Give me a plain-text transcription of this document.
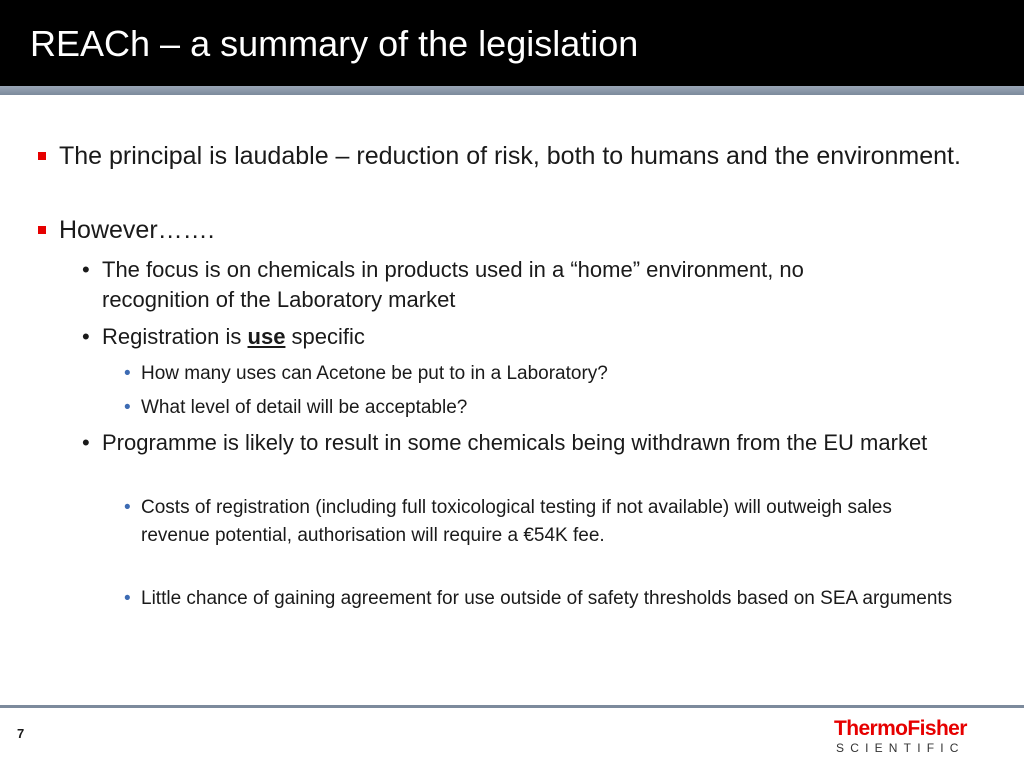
REACh – a summary of the legislation
The principal is laudable – reduction of risk, both to humans and the environment.
However…….
• The focus is on chemicals in products used in a “home” environment, no recognition of the Laboratory market
• Registration is use specific
• How many uses can Acetone be put to in a Laboratory?
• What level of detail will be acceptable?
• Programme is likely to result in some chemicals being withdrawn from the EU market
• Costs of registration (including full toxicological testing if not available) will outweigh sales revenue potential, authorisation will require a €54K fee.
• Little chance of gaining agreement for use outside of safety thresholds based on SEA arguments
7	ThermoFisher
SCIENTIFIC
